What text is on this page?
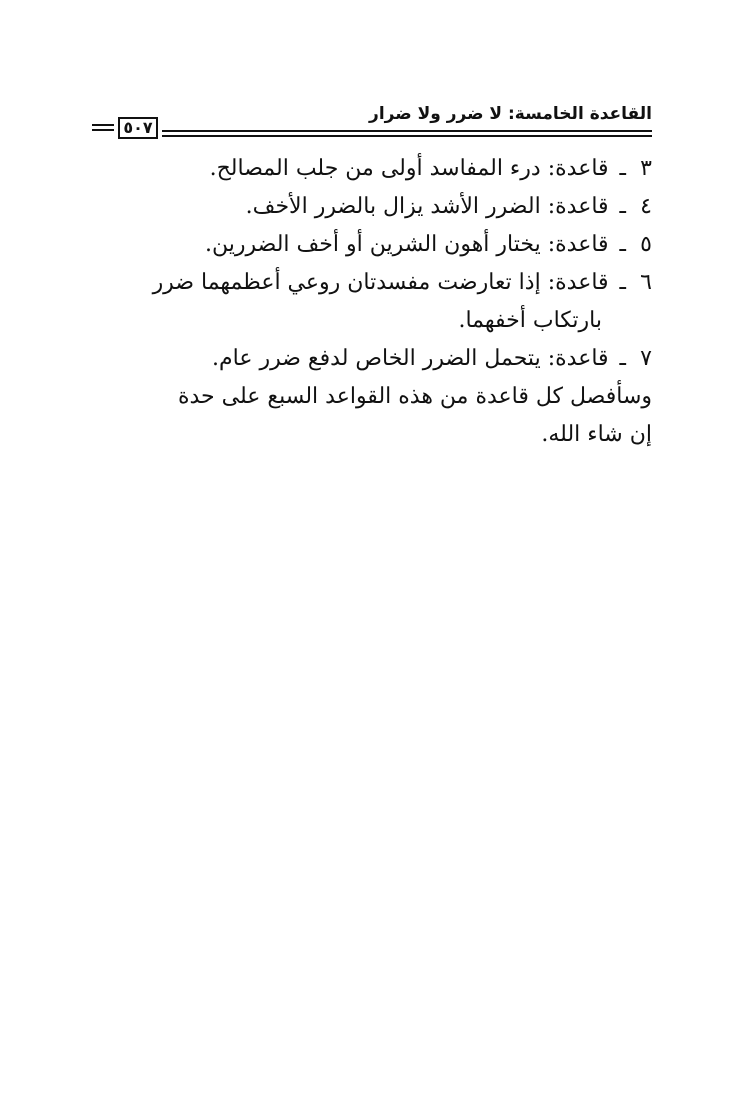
القاعدة الخامسة: لا ضرر ولا ضرار
٥٠٧

٣ـ قاعدة: درء المفاسد أولى من جلب المصالح.

٤ـ قاعدة: الضرر الأشد يزال بالضرر الأخف.

٥ـ قاعدة: يختار أهون الشرين أو أخف الضررين.

٦ـ قاعدة: إذا تعارضت مفسدتان روعي أعظمهما ضرر

بارتكاب أخفهما.

٧ـ قاعدة: يتحمل الضرر الخاص لدفع ضرر عام.

وسأفصل كل قاعدة من هذه القواعد السبع على حدة

إن شاء الله.
